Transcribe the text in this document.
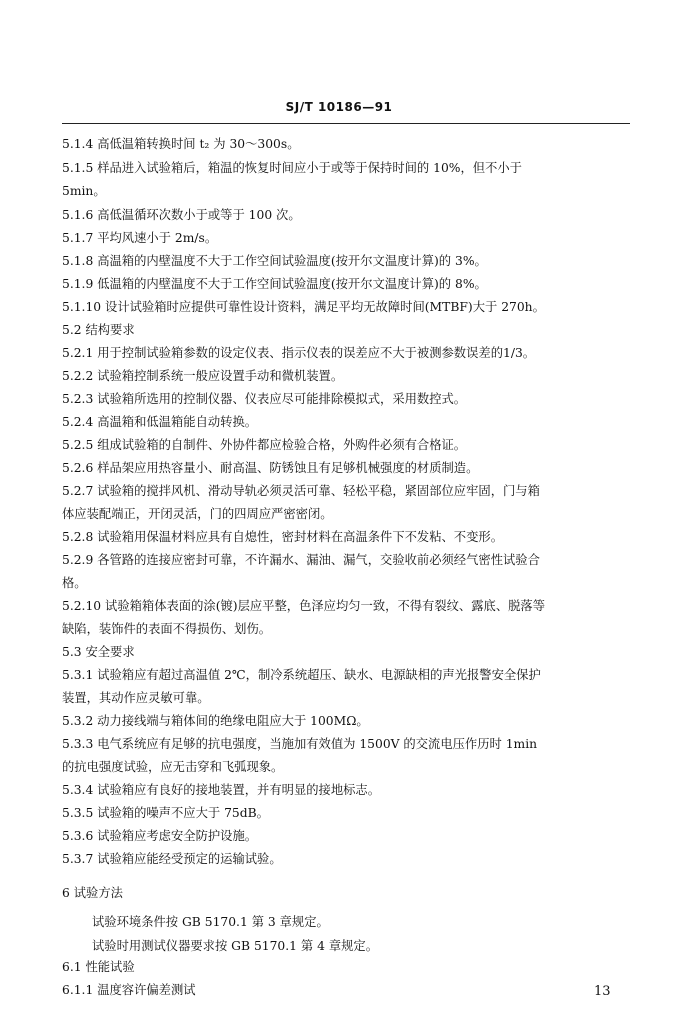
SJ/T 10186—91
5.1.4 高低温箱转换时间 t₂ 为 30～300s。
5.1.5 样品进入试验箱后，箱温的恢复时间应小于或等于保持时间的 10%，但不小于
5min。
5.1.6 高低温循环次数小于或等于 100 次。
5.1.7 平均风速小于 2m/s。
5.1.8 高温箱的内壁温度不大于工作空间试验温度(按开尔文温度计算)的 3%。
5.1.9 低温箱的内壁温度不大于工作空间试验温度(按开尔文温度计算)的 8%。
5.1.10 设计试验箱时应提供可靠性设计资料，满足平均无故障时间(MTBF)大于 270h。
5.2 结构要求
5.2.1 用于控制试验箱参数的设定仪表、指示仪表的误差应不大于被测参数误差的1/3。
5.2.2 试验箱控制系统一般应设置手动和微机装置。
5.2.3 试验箱所选用的控制仪器、仪表应尽可能排除模拟式，采用数控式。
5.2.4 高温箱和低温箱能自动转换。
5.2.5 组成试验箱的自制件、外协件都应检验合格，外购件必须有合格证。
5.2.6 样品架应用热容量小、耐高温、防锈蚀且有足够机械强度的材质制造。
5.2.7 试验箱的搅拌风机、滑动导轨必须灵活可靠、轻松平稳，紧固部位应牢固，门与箱
体应装配端正，开闭灵活，门的四周应严密密闭。
5.2.8 试验箱用保温材料应具有自熄性，密封材料在高温条件下不发粘、不变形。
5.2.9 各管路的连接应密封可靠，不许漏水、漏油、漏气，交验收前必须经气密性试验合
格。
5.2.10 试验箱箱体表面的涂(镀)层应平整，色泽应均匀一致，不得有裂纹、露底、脱落等
缺陷，装饰件的表面不得损伤、划伤。
5.3 安全要求
5.3.1 试验箱应有超过高温值 2℃，制冷系统超压、缺水、电源缺相的声光报警安全保护
装置，其动作应灵敏可靠。
5.3.2 动力接线端与箱体间的绝缘电阻应大于 100MΩ。
5.3.3 电气系统应有足够的抗电强度，当施加有效值为 1500V 的交流电压作历时 1min
的抗电强度试验，应无击穿和飞弧现象。
5.3.4 试验箱应有良好的接地装置，并有明显的接地标志。
5.3.5 试验箱的噪声不应大于 75dB。
5.3.6 试验箱应考虑安全防护设施。
5.3.7 试验箱应能经受预定的运输试验。
6 试验方法
试验环境条件按 GB 5170.1 第 3 章规定。
试验时用测试仪器要求按 GB 5170.1 第 4 章规定。
6.1 性能试验
6.1.1 温度容许偏差测试	13
